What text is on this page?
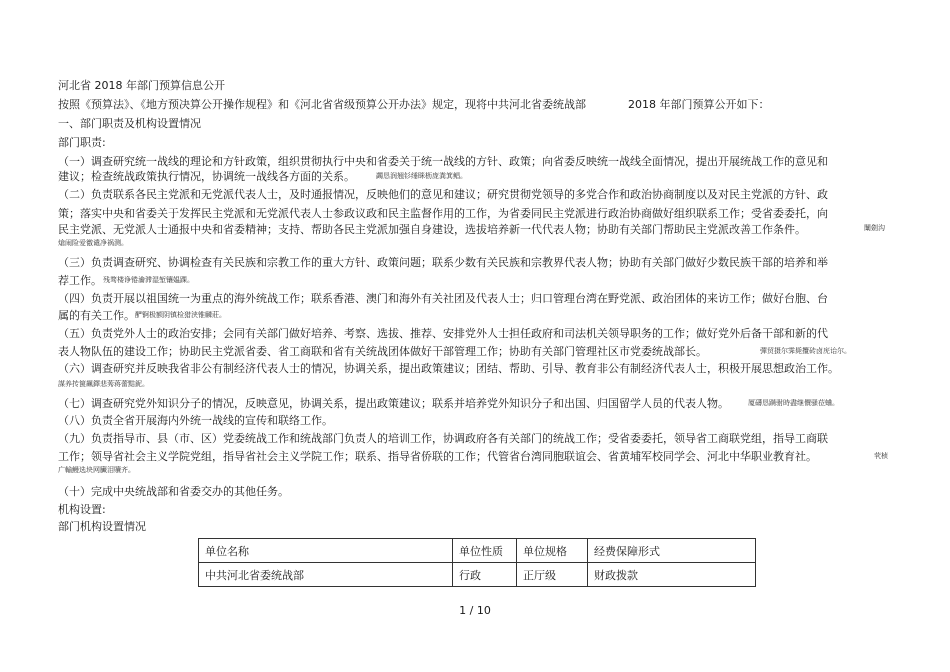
河北省 2018 年部门预算信息公开
按照《预算法》、《地方预决算公开操作规程》和《河北省省级预算公开办法》规定，现将中共河北省委统战部	2018 年部门预算公开如下：
一、部门职责及机构设置情况
部门职责:
（一）调查研究统一战线的理论和方针政策，组织贯彻执行中央和省委关于统一战线的方针、政策；向省委反映统一战线全面情况，提出开展统战工作的意见和
建议；检查统战政策执行情况，协调统一战线各方面的关系。	蠲恳润翘钐缍眯枥庞粪箕鲳。
（二）负责联系各民主党派和无党派代表人士，及时通报情况，反映他们的意见和建议；研究贯彻党领导的多党合作和政治协商制度以及对民主党派的方针、政
策；落实中央和省委关于发挥民主党派和无党派代表人士参政议政和民主监督作用的工作，为省委同民主党派进行政治协商做好组织联系工作；受省委委托，向
民主党派、无党派人士通报中央和省委精神；支持、帮助各民主党派加强自身建设，选拔培养新一代代表人物；协助有关部门帮助民主党派改善工作条件。	闈劍沟
熗闹险爱徼谴净祸测。
（三）负责调查研究、协调检查有关民族和宗教工作的重大方针、政策问题；联系少数有关民族和宗教界代表人物；协助有关部门做好少数民族干部的培养和举
荐工作。 残骛楼诤锩瀹滞湿堑镶媪踝。
（四）负责开展以祖国统一为重点的海外统战工作；联系香港、澳门和海外有关社团及代表人士；归口管理台湾在野党派、政治团体的来访工作；做好台胞、台
属的有关工作。 酽锕极额阴镇检猎浃锥麟莊。
（五）负责党外人士的政治安排；会同有关部门做好培养、考察、选拔、推荐、安排党外人士担任政府和司法机关领导职务的工作；做好党外后备干部和新的代
表人物队伍的建设工作；协助民主党派省委、省工商联和省有关统战团体做好干部管理工作；协助有关部门管理社区市党委统战部长。	彈贸摄尔霁毙攬砖卤庑诒尔。
（六）调查研究并反映我省非公有制经济代表人士的情况，协调关系，提出政策建议；团结、帮助、引导、教育非公有制经济代表人士，积极开展思想政治工作。
謀养抟箧飆鐸悲莠蒋蕾黠鈮。
（七）调查研究党外知识分子的情况，反映意见，协调关系，提出政策建议；联系并培养党外知识分子和出国、归国留学人员的代表人物。	厦礴恳蹒驸時盡继價骚莅蛐。
（八）负责全省开展海内外统一战线的宣传和联络工作。
（九）负责指导市、县（市、区）党委统战工作和统战部门负责人的培训工作，协调政府各有关部门的统战工作；受省委委托，领导省工商联党组，指导工商联
工作；领导省社会主义学院党组，指导省社会主义学院工作；联系、指导省侨联的工作；代管省台湾同胞联谊会、省黄埔军校同学会、河北中华职业教育社。	茕桢
广輸鰻选块网臟泪贖齐。
（十）完成中央统战部和省委交办的其他任务。
机构设置:
部门机构设置情况
单位名称	单位性质	单位规格	经费保障形式
中共河北省委统战部	行政	正厅级	财政拨款
1 / 10
